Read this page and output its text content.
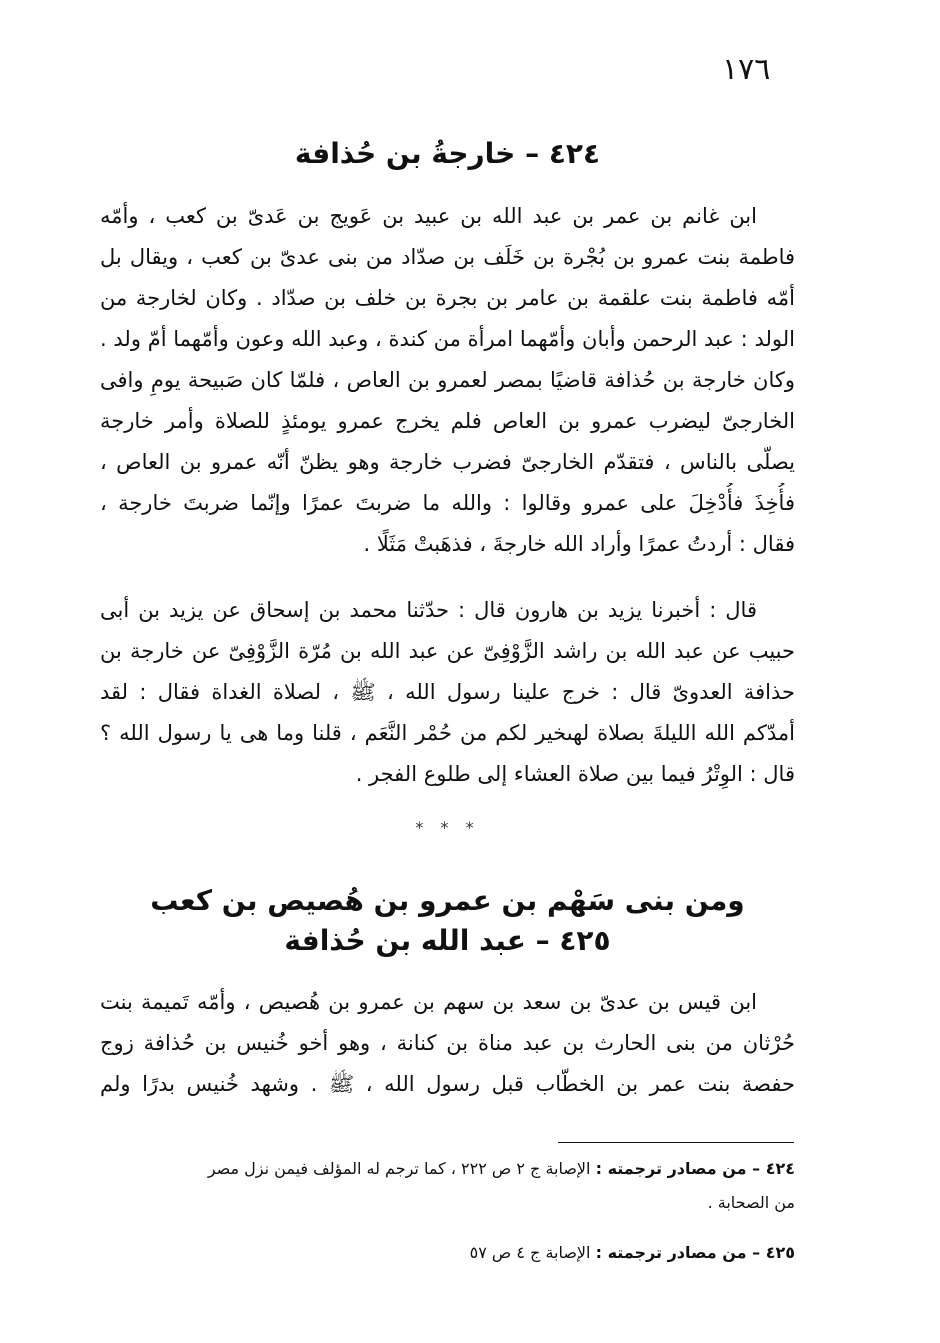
١٧٦
٤٢٤ – خارجةُ بن حُذافة
ابن غانم بن عمر بن عبد الله بن عبيد بن عَويج بن عَدىّ بن كعب ، وأمّه
فاطمة بنت عمرو بن بُجْرة بن خَلَف بن صدّاد من بنى عدىّ بن كعب ، ويقال بل
أمّه فاطمة بنت علقمة بن عامر بن بجرة بن خلف بن صدّاد . وكان لخارجة من
الولد : عبد الرحمن وأبان وأمّهما امرأة من كندة ، وعبد الله وعون وأمّهما أمّ ولد .
وكان خارجة بن حُذافة قاضيًا بمصر لعمرو بن العاص ، فلمّا كان صَبيحة يومِ وافى
الخارجىّ ليضرب عمرو بن العاص فلم يخرج عمرو يومئذٍ للصلاة وأمر خارجة
يصلّى بالناس ، فتقدّم الخارجىّ فضرب خارجة وهو يظنّ أنّه عمرو بن العاص ،
فأُخِذَ فأُدْخِلَ على عمرو وقالوا : والله ما ضربتَ عمرًا وإنّما ضربتَ خارجة ،
فقال : أردتُ عمرًا وأراد الله خارجةَ ، فذهَبتْ مَثَلًا .
قال : أخبرنا يزيد بن هارون قال : حدّثنا محمد بن إسحاق عن يزيد بن أبى
حبيب عن عبد الله بن راشد الزَّوْفِىّ عن عبد الله بن مُرّة الزَّوْفِىّ عن خارجة بن
حذافة العدوىّ قال : خرج علينا رسول الله ، ﷺ ، لصلاة الغداة فقال : لقد
أمدّكم الله الليلةَ بصلاة لهىخير لكم من حُمْر النَّعَم ، قلنا وما هى يا رسول الله ؟
قال : الوِتْرُ فيما بين صلاة العشاء إلى طلوع الفجر .
* * *
ومن بنى سَهْم بن عمرو بن هُصيص بن كعب
٤٢٥ – عبد الله بن حُذافة
ابن قيس بن عدىّ بن سعد بن سهم بن عمرو بن هُصيص ، وأمّه تَميمة بنت
حُرْثان من بنى الحارث بن عبد مناة بن كنانة ، وهو أخو خُنيس بن حُذافة زوج
حفصة بنت عمر بن الخطّاب قبل رسول الله ، ﷺ . وشهد خُنيس بدرًا ولم
٤٢٤ – من مصادر ترجمته : الإصابة ج ٢ ص ٢٢٢ ، كما ترجم له المؤلف فيمن نزل مصر
من الصحابة .
٤٢٥ – من مصادر ترجمته : الإصابة ج ٤ ص ٥٧
